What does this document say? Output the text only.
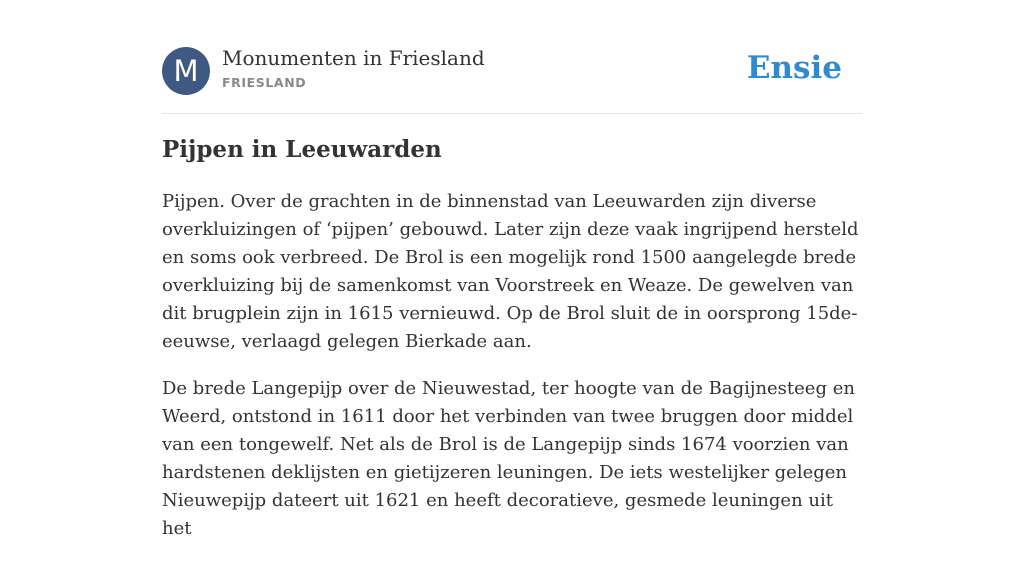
M	Monumenten in Friesland
FRIESLAND	Ensie
Pijpen in Leeuwarden

Pijpen. Over de grachten in de binnenstad van Leeuwarden zijn diverse overkluizingen of ‘pijpen’ gebouwd. Later zijn deze vaak ingrijpend hersteld en soms ook verbreed. De Brol is een mogelijk rond 1500 aangelegde brede overkluizing bij de samenkomst van Voorstreek en Weaze. De gewelven van dit brugplein zijn in 1615 vernieuwd. Op de Brol sluit de in oorsprong 15de-eeuwse, verlaagd gelegen Bierkade aan.

De brede Langepijp over de Nieuwestad, ter hoogte van de Bagijnesteeg en Weerd, ontstond in 1611 door het verbinden van twee bruggen door middel van een tongewelf. Net als de Brol is de Langepijp sinds 1674 voorzien van hardstenen deklijsten en gietijzeren leuningen. De iets westelijker gelegen Nieuwepijp dateert uit 1621 en heeft decoratieve, gesmede leuningen uit het
